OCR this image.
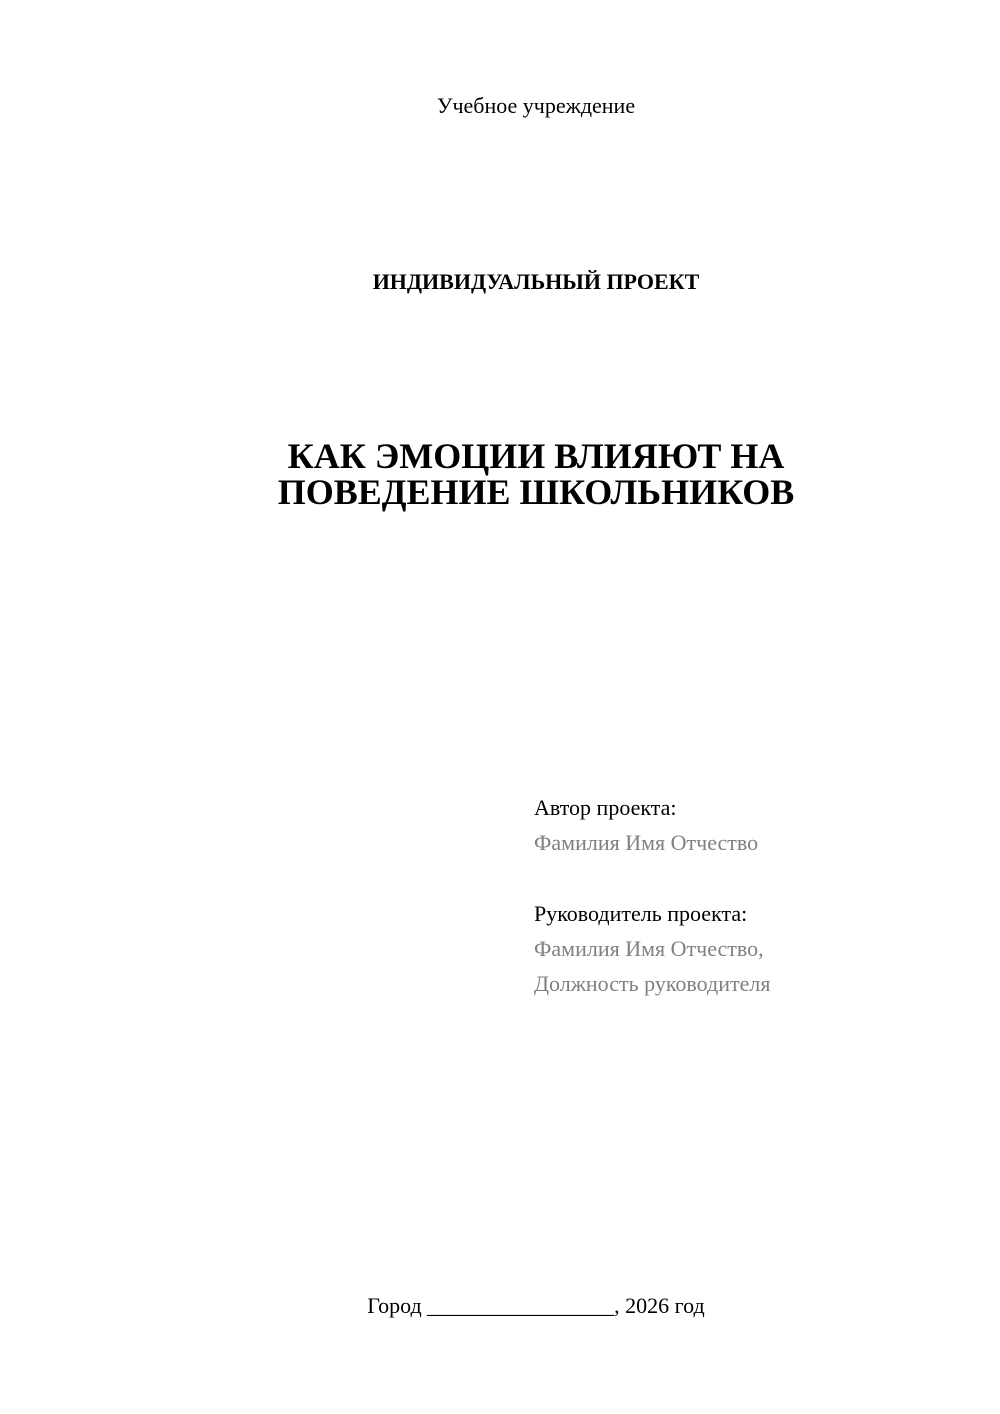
Учебное учреждение
ИНДИВИДУАЛЬНЫЙ ПРОЕКТ
КАК ЭМОЦИИ ВЛИЯЮТ НА
ПОВЕДЕНИЕ ШКОЛЬНИКОВ
Автор проекта:
Фамилия Имя Отчество
Руководитель проекта:
Фамилия Имя Отчество,
Должность руководителя
Город _________________, 2026 год
